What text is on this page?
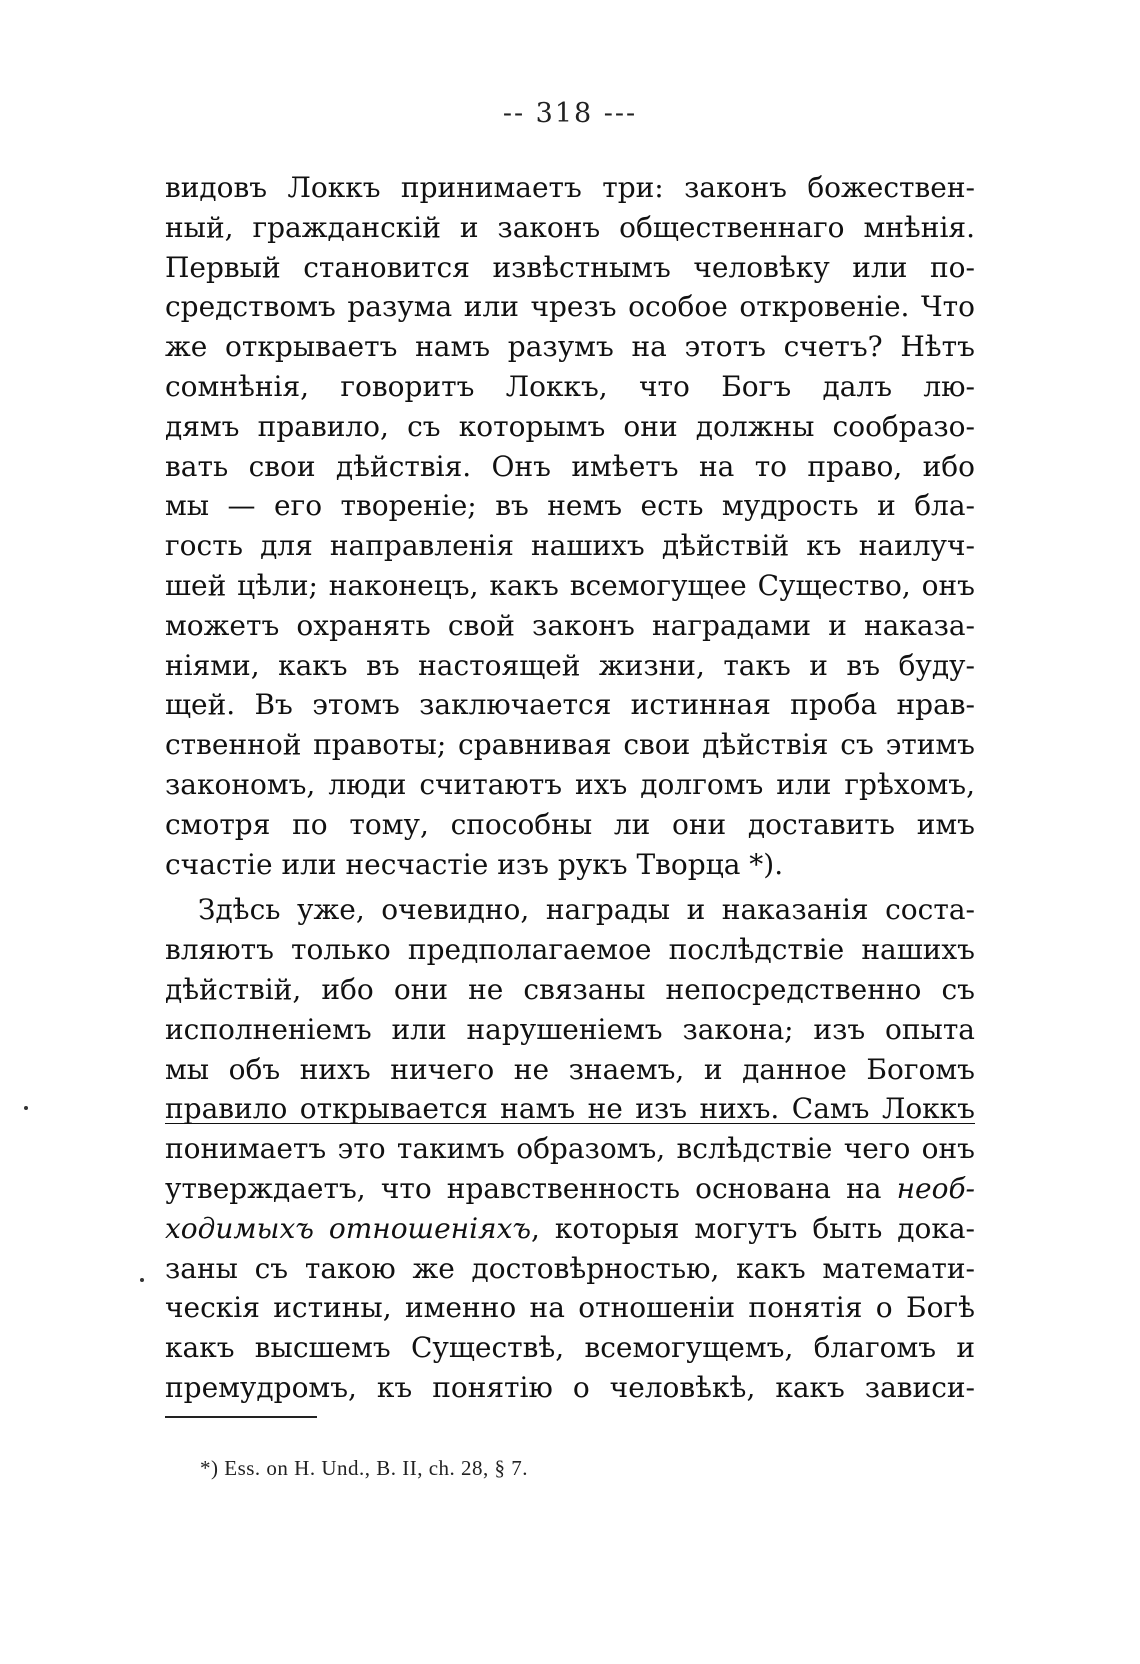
-- 318 ---
видовъ Локкъ принимаетъ три: законъ божествен-
ный, гражданскій и законъ общественнаго мнѣнія.
Первый становится извѣстнымъ человѣку или по-
средствомъ разума или чрезъ особое откровеніе. Что
же открываетъ намъ разумъ на этотъ счетъ? Нѣтъ
сомнѣнія, говоритъ Локкъ, что Богъ далъ лю-
дямъ правило, съ которымъ они должны сообразо-
вать свои дѣйствія. Онъ имѣетъ на то право, ибо
мы — его твореніе; въ немъ есть мудрость и бла-
гость для направленія нашихъ дѣйствій къ наилуч-
шей цѣли; наконецъ, какъ всемогущее Существо, онъ
можетъ охранять свой законъ наградами и наказа-
ніями, какъ въ настоящей жизни, такъ и въ буду-
щей. Въ этомъ заключается истинная проба нрав-
ственной правоты; сравнивая свои дѣйствія съ этимъ
закономъ, люди считаютъ ихъ долгомъ или грѣхомъ,
смотря по тому, способны ли они доставить имъ
счастіе или несчастіе изъ рукъ Творца *).
Здѣсь уже, очевидно, награды и наказанія соста-
вляютъ только предполагаемое послѣдствіе нашихъ
дѣйствій, ибо они не связаны непосредственно съ
исполненіемъ или нарушеніемъ закона; изъ опыта
мы объ нихъ ничего не знаемъ, и данное Богомъ
правило открывается намъ не изъ нихъ. Самъ Локкъ
понимаетъ это такимъ образомъ, вслѣдствіе чего онъ
утверждаетъ, что нравственность основана на необ-
ходимыхъ отношеніяхъ, которыя могутъ быть дока-
заны съ такою же достовѣрностью, какъ математи-
ческія истины, именно на отношеніи понятія о Богѣ
какъ высшемъ Существѣ, всемогущемъ, благомъ и
премудромъ, къ понятію о человѣкѣ, какъ зависи-
*) Ess. on H. Und., B. II, ch. 28, § 7.
